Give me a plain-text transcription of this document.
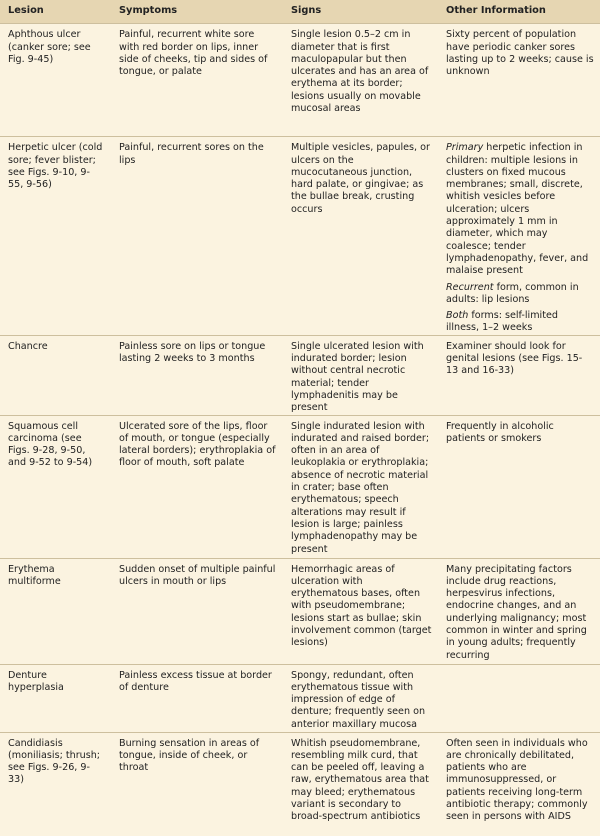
Lesion	Symptoms	Signs	Other Information
Aphthous ulcer (canker sore; see Fig. 9-45)	Painful, recurrent white sore with red border on lips, inner side of cheeks, tip and sides of tongue, or palate	Single lesion 0.5–2 cm in diameter that is first maculopapular but then ulcerates and has an area of erythema at its border; lesions usually on movable mucosal areas	Sixty percent of population have periodic canker sores lasting up to 2 weeks; cause is unknown
Herpetic ulcer (cold sore; fever blister; see Figs. 9-10, 9-55, 9-56)	Painful, recurrent sores on the lips	Multiple vesicles, papules, or ulcers on the mucocutaneous junction, hard palate, or gingivae; as the bullae break, crusting occurs	Primary herpetic infection in children: multiple lesions in clusters on fixed mucous membranes; small, discrete, whitish vesicles before ulceration; ulcers approximately 1 mm in diameter, which may coalesce; tender lymphadenopathy, fever, and malaise present

Recurrent form, common in adults: lip lesions

Both forms: self-limited illness, 1–2 weeks

Chancre	Painless sore on lips or tongue lasting 2 weeks to 3 months	Single ulcerated lesion with indurated border; lesion without central necrotic material; tender lymphadenitis may be present	Examiner should look for genital lesions (see Figs. 15-13 and 16-33)
Squamous cell carcinoma (see Figs. 9-28, 9-50, and 9-52 to 9-54)	Ulcerated sore of the lips, floor of mouth, or tongue (especially lateral borders); erythroplakia of floor of mouth, soft palate	Single indurated lesion with indurated and raised border; often in an area of leukoplakia or erythroplakia; absence of necrotic material in crater; base often erythematous; speech alterations may result if lesion is large; painless lymphadenopathy may be present	Frequently in alcoholic patients or smokers
Erythema multiforme	Sudden onset of multiple painful ulcers in mouth or lips	Hemorrhagic areas of ulceration with erythematous bases, often with pseudomembrane; lesions start as bullae; skin involvement common (target lesions)	Many precipitating factors include drug reactions, herpesvirus infections, endocrine changes, and an underlying malignancy; most common in winter and spring in young adults; frequently recurring
Denture hyperplasia	Painless excess tissue at border of denture	Spongy, redundant, often erythematous tissue with impression of edge of denture; frequently seen on anterior maxillary mucosa	
Candidiasis (moniliasis; thrush; see Figs. 9-26, 9-33)	Burning sensation in areas of tongue, inside of cheek, or throat	Whitish pseudomembrane, resembling milk curd, that can be peeled off, leaving a raw, erythematous area that may bleed; erythematous variant is secondary to broad-spectrum antibiotics	Often seen in individuals who are chronically debilitated, patients who are immunosuppressed, or patients receiving long-term antibiotic therapy; commonly seen in persons with AIDS
